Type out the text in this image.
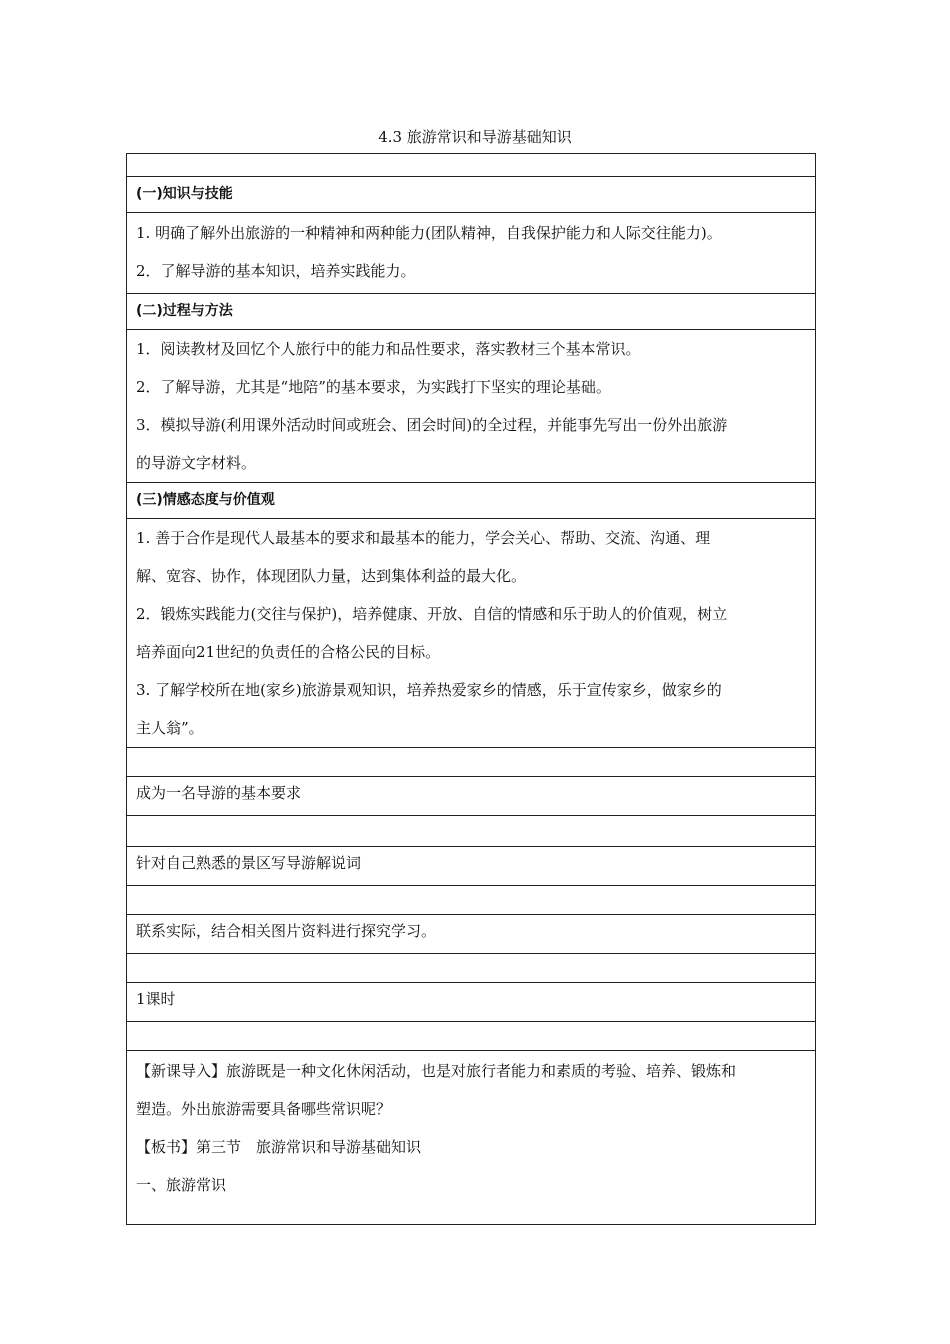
4.3 旅游常识和导游基础知识

(一)知识与技能

1. 明确了解外出旅游的一种精神和两种能力(团队精神，自我保护能力和人际交往能力)。
2．了解导游的基本知识，培养实践能力。

(二)过程与方法

1．阅读教材及回忆个人旅行中的能力和品性要求，落实教材三个基本常识。
2．了解导游，尤其是“地陪”的基本要求，为实践打下坚实的理论基础。
3．模拟导游(利用课外活动时间或班会、团会时间)的全过程，并能事先写出一份外出旅游
的导游文字材料。

(三)情感态度与价值观

1. 善于合作是现代人最基本的要求和最基本的能力，学会关心、帮助、交流、沟通、理
解、宽容、协作，体现团队力量，达到集体利益的最大化。
2．锻炼实践能力(交往与保护)，培养健康、开放、自信的情感和乐于助人的价值观，树立
培养面向21世纪的负责任的合格公民的目标。
3. 了解学校所在地(家乡)旅游景观知识，培养热爱家乡的情感，乐于宣传家乡，做家乡的
主人翁”。

成为一名导游的基本要求

针对自己熟悉的景区写导游解说词

联系实际，结合相关图片资料进行探究学习。

1课时

【新课导入】旅游既是一种文化休闲活动，也是对旅行者能力和素质的考验、培养、锻炼和
塑造。外出旅游需要具备哪些常识呢？
【板书】第三节　旅游常识和导游基础知识
一、旅游常识
